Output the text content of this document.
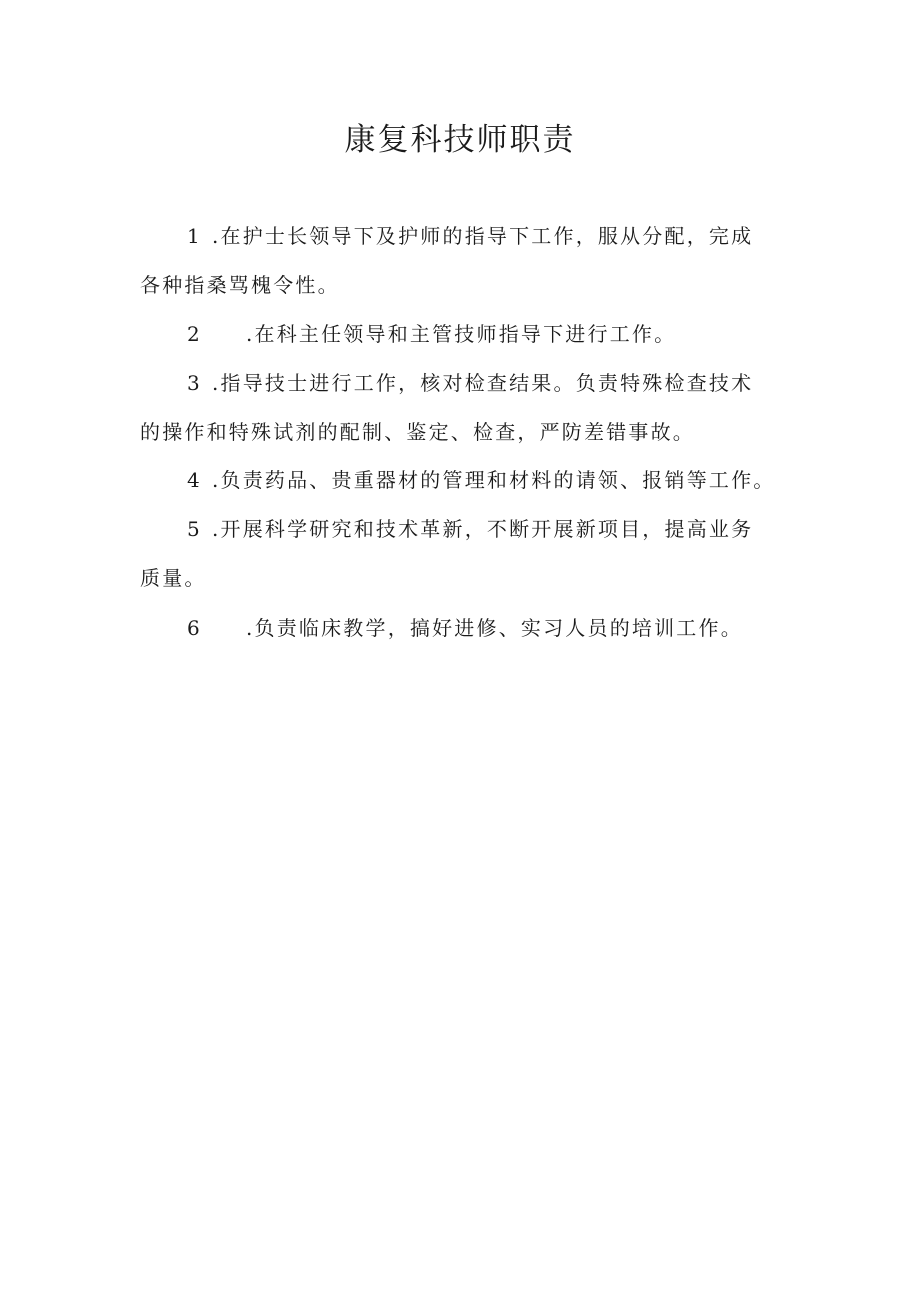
康复科技师职责
1 .在护士长领导下及护师的指导下工作，服从分配，完成
各种指桑骂槐令性。
2 .在科主任领导和主管技师指导下进行工作。
3 .指导技士进行工作，核对检查结果。负责特殊检查技术
的操作和特殊试剂的配制、鉴定、检查，严防差错事故。
4 .负责药品、贵重器材的管理和材料的请领、报销等工作。
5 .开展科学研究和技术革新，不断开展新项目，提高业务
质量。
6 .负责临床教学，搞好进修、实习人员的培训工作。
